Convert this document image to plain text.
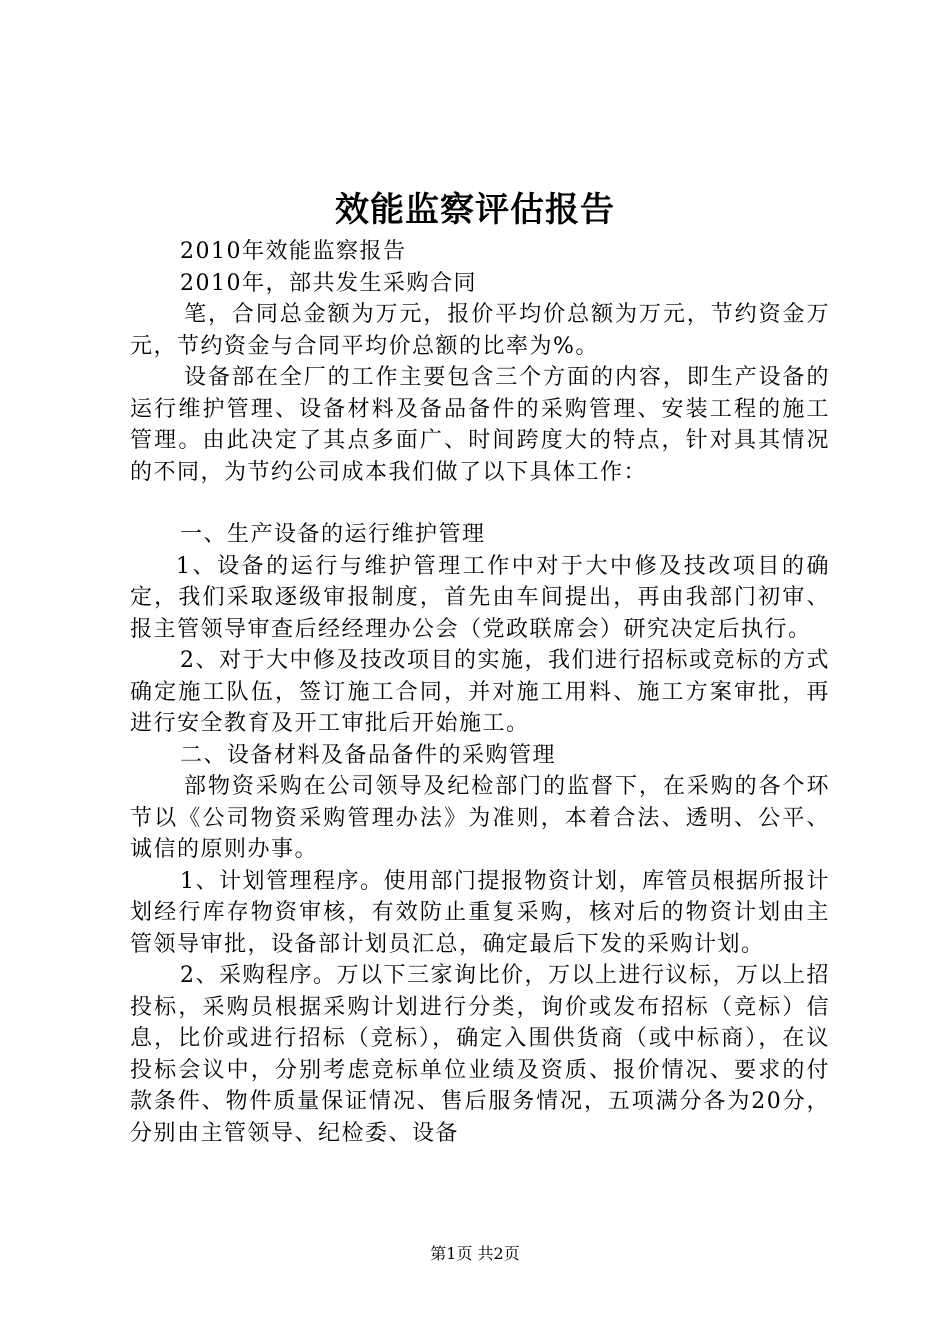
效能监察评估报告

2010年效能监察报告

2010年，部共发生采购合同

笔，合同总金额为万元，报价平均价总额为万元，节约资金万元，节约资金与合同平均价总额的比率为%。

设备部在全厂的工作主要包含三个方面的内容，即生产设备的运行维护管理、设备材料及备品备件的采购管理、安装工程的施工管理。由此决定了其点多面广、时间跨度大的特点，针对具其情况的不同，为节约公司成本我们做了以下具体工作：

一、生产设备的运行维护管理

1、设备的运行与维护管理工作中对于大中修及技改项目的确定，我们采取逐级审报制度，首先由车间提出，再由我部门初审、报主管领导审查后经经理办公会（党政联席会）研究决定后执行。

2、对于大中修及技改项目的实施，我们进行招标或竞标的方式确定施工队伍，签订施工合同，并对施工用料、施工方案审批，再进行安全教育及开工审批后开始施工。

二、设备材料及备品备件的采购管理

部物资采购在公司领导及纪检部门的监督下，在采购的各个环节以《公司物资采购管理办法》为准则，本着合法、透明、公平、诚信的原则办事。

1、计划管理程序。使用部门提报物资计划，库管员根据所报计划经行库存物资审核，有效防止重复采购，核对后的物资计划由主管领导审批，设备部计划员汇总，确定最后下发的采购计划。

2、采购程序。万以下三家询比价，万以上进行议标，万以上招投标，采购员根据采购计划进行分类，询价或发布招标（竞标）信息，比价或进行招标（竞标），确定入围供货商（或中标商），在议投标会议中，分别考虑竞标单位业绩及资质、报价情况、要求的付款条件、物件质量保证情况、售后服务情况，五项满分各为20分，分别由主管领导、纪检委、设备

第1页 共2页
